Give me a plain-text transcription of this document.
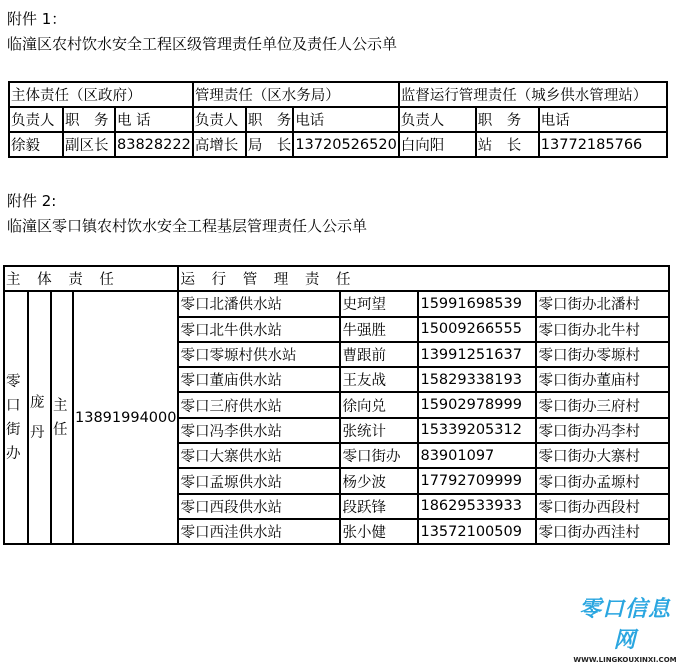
附件 1：
临潼区农村饮水安全工程区级管理责任单位及责任人公示单
主体责任（区政府）			管理责任（区水务局）			监督运行管理责任（城乡供水管理站）		
负责人	职　务	电 话	负责人	职　务	电话	负责人	职　务	电话
徐毅	副区长	83828222	高增长	局　长	13720526520	白向阳	站　长	13772185766
附件 2:
临潼区零口镇农村饮水安全工程基层管理责任人公示单
主 体 责 任				运 行 管 理 责 任			
零口街办	庞丹	主任	13891994000	零口北潘供水站	史珂望	15991698539	零口街办北潘村
				零口北牛供水站	牛强胜	15009266555	零口街办北牛村
				零口零塬村供水站	曹跟前	13991251637	零口街办零塬村
				零口董庙供水站	王友战	15829338193	零口街办董庙村
				零口三府供水站	徐向兑	15902978999	零口街办三府村
				零口冯李供水站	张统计	15339205312	零口街办冯李村
				零口大寨供水站	零口街办	83901097	零口街办大寨村
				零口孟塬供水站	杨少波	17792709999	零口街办孟塬村
				零口西段供水站	段跃锋	18629533933	零口街办西段村
				零口西洼供水站	张小健	13572100509	零口街办西洼村
零口信息网
WWW.LINGKOUXINXI.COM
